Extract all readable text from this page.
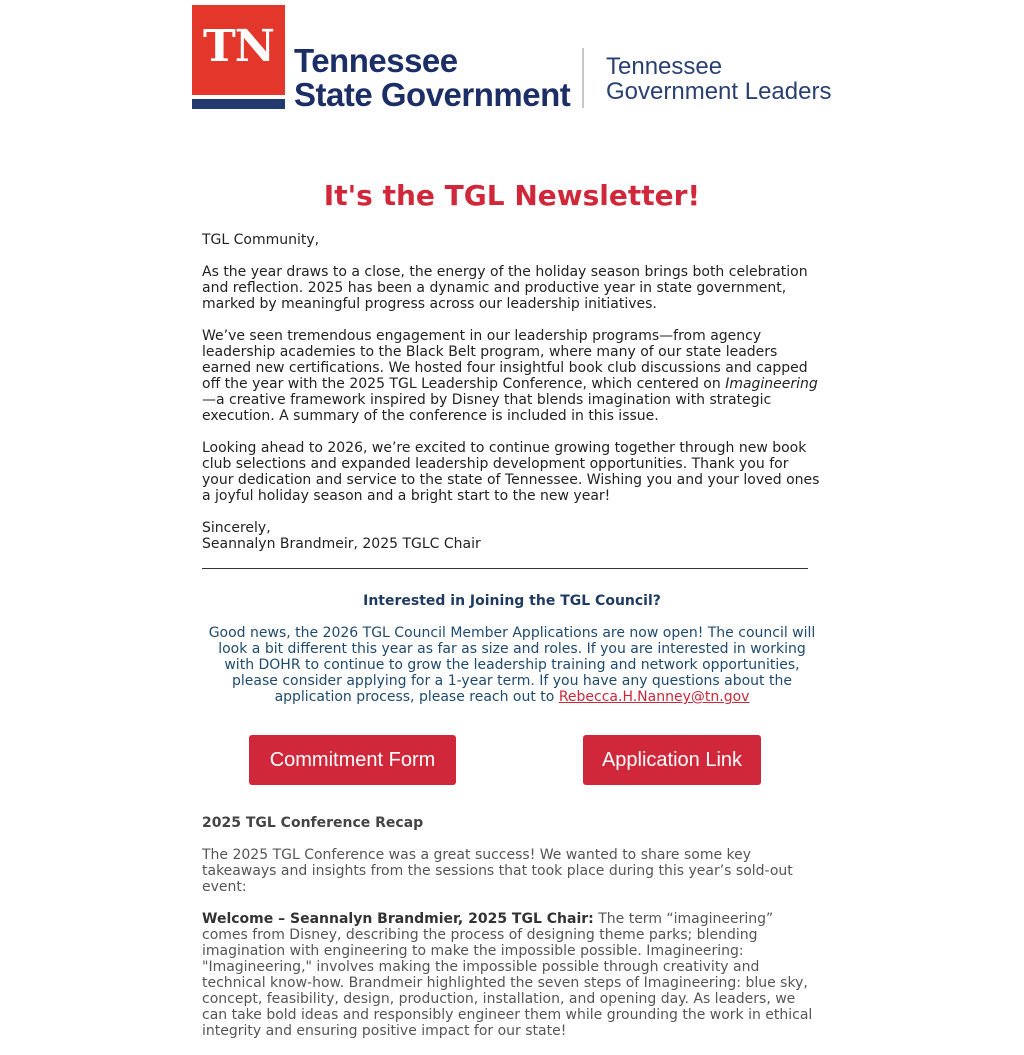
TN Tennessee
State Government
Tennessee
Government Leaders
It's the TGL Newsletter!
TGL Community,
As the year draws to a close, the energy of the holiday season brings both celebration and reflection. 2025 has been a dynamic and productive year in state government, marked by meaningful progress across our leadership initiatives.
We’ve seen tremendous engagement in our leadership programs—from agency leadership academies to the Black Belt program, where many of our state leaders earned new certifications. We hosted four insightful book club discussions and capped off the year with the 2025 TGL Leadership Conference, which centered on Imagineering—a creative framework inspired by Disney that blends imagination with strategic execution. A summary of the conference is included in this issue.
Looking ahead to 2026, we’re excited to continue growing together through new book club selections and expanded leadership development opportunities. Thank you for your dedication and service to the state of Tennessee. Wishing you and your loved ones a joyful holiday season and a bright start to the new year!
Sincerely,
Seannalyn Brandmeir, 2025 TGLC Chair
Interested in Joining the TGL Council?
Good news, the 2026 TGL Council Member Applications are now open! The council will look a bit different this year as far as size and roles. If you are interested in working with DOHR to continue to grow the leadership training and network opportunities, please consider applying for a 1-year term. If you have any questions about the application process, please reach out to Rebecca.H.Nanney@tn.gov
Commitment Form	Application Link
2025 TGL Conference Recap
The 2025 TGL Conference was a great success! We wanted to share some key takeaways and insights from the sessions that took place during this year’s sold-out event:
Welcome – Seannalyn Brandmier, 2025 TGL Chair: The term “imagineering” comes from Disney, describing the process of designing theme parks; blending imagination with engineering to make the impossible possible. Imagineering: "Imagineering," involves making the impossible possible through creativity and technical know-how. Brandmeir highlighted the seven steps of Imagineering: blue sky, concept, feasibility, design, production, installation, and opening day. As leaders, we can take bold ideas and responsibly engineer them while grounding the work in ethical integrity and ensuring positive impact for our state!
